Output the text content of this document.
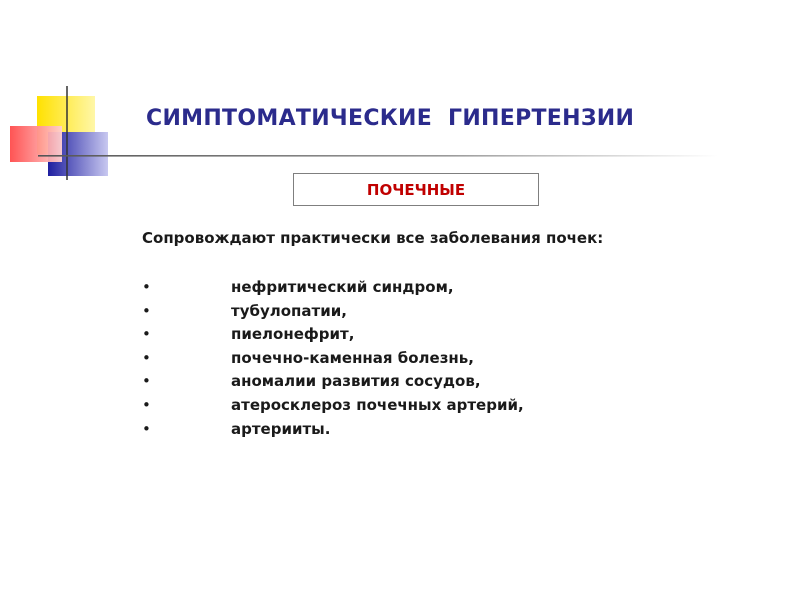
СИМПТОМАТИЧЕСКИЕ  ГИПЕРТЕНЗИИ
ПОЧЕЧНЫЕ
Сопровождают практически все заболевания почек:
•	нефритический синдром,
•	тубулопатии,
•	пиелонефрит,
•	почечно-каменная болезнь,
•	аномалии развития сосудов,
•	атеросклероз почечных артерий,
•	артерииты.
